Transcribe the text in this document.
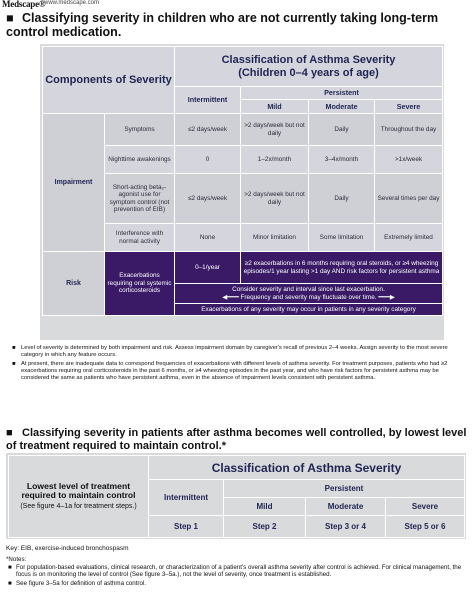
Medscape®
www.medscape.com
■ Classifying severity in children who are not currently taking long-term control medication.
Components of Severity		Classification of Asthma Severity
(Children 0–4 years of age)			
		Intermittent	Persistent		
			Mild	Moderate	Severe
Impairment	Symptoms	≤2 days/week	>2 days/week but not daily	Daily	Throughout the day
	Nighttime awakenings	0	1–2x/month	3–4x/month	>1x/week
	Short-acting beta₂-agonist use for symptom control (not prevention of EIB)	≤2 days/week	>2 days/week but not daily	Daily	Several times per day
	Interference with normal activity	None	Minor limitation	Some limitation	Extremely limited
Risk	Exacerbations requiring oral systemic corticosteroids	0–1/year	≥2 exacerbations in 6 months requiring oral steroids, or ≥4 wheezing episodes/1 year lasting >1 day AND risk factors for persistent asthma		
		Consider severity and interval since last exacerbation.
◀━━━ Frequency and severity may fluctuate over time. ━━━▶			
		Exacerbations of any severity may occur in patients in any severity category			

■ Level of severity is determined by both impairment and risk. Assess impairment domain by caregiver's recall of previous 2–4 weeks. Assign severity to the most severe category in which any feature occurs.

■ At present, there are inadequate data to correspond frequencies of exacerbations with different levels of asthma severity. For treatment purposes, patients who had ≥2 exacerbations requiring oral corticosteroids in the past 6 months, or ≥4 wheezing episodes in the past year, and who have risk factors for persistent asthma may be considered the same as patients who have persistent asthma, even in the absence of impairment levels consistent with persistent asthma.

■ Classifying severity in patients after asthma becomes well controlled, by lowest level of treatment required to maintain control.*
Lowest level of treatment required to maintain control
(See figure 4–1a for treatment steps.)	Classification of Asthma Severity			
	Intermittent	Persistent		
		Mild	Moderate	Severe
	Step 1	Step 2	Step 3 or 4	Step 5 or 6
Key: EIB, exercise-induced bronchospasm
*Notes:

■ For population-based evaluations, clinical research, or characterization of a patient's overall asthma severity after control is achieved. For clinical management, the focus is on monitoring the level of control (See figure 3–5a.), not the level of severity, once treatment is established.

■ See figure 3–5a for definition of asthma control.
